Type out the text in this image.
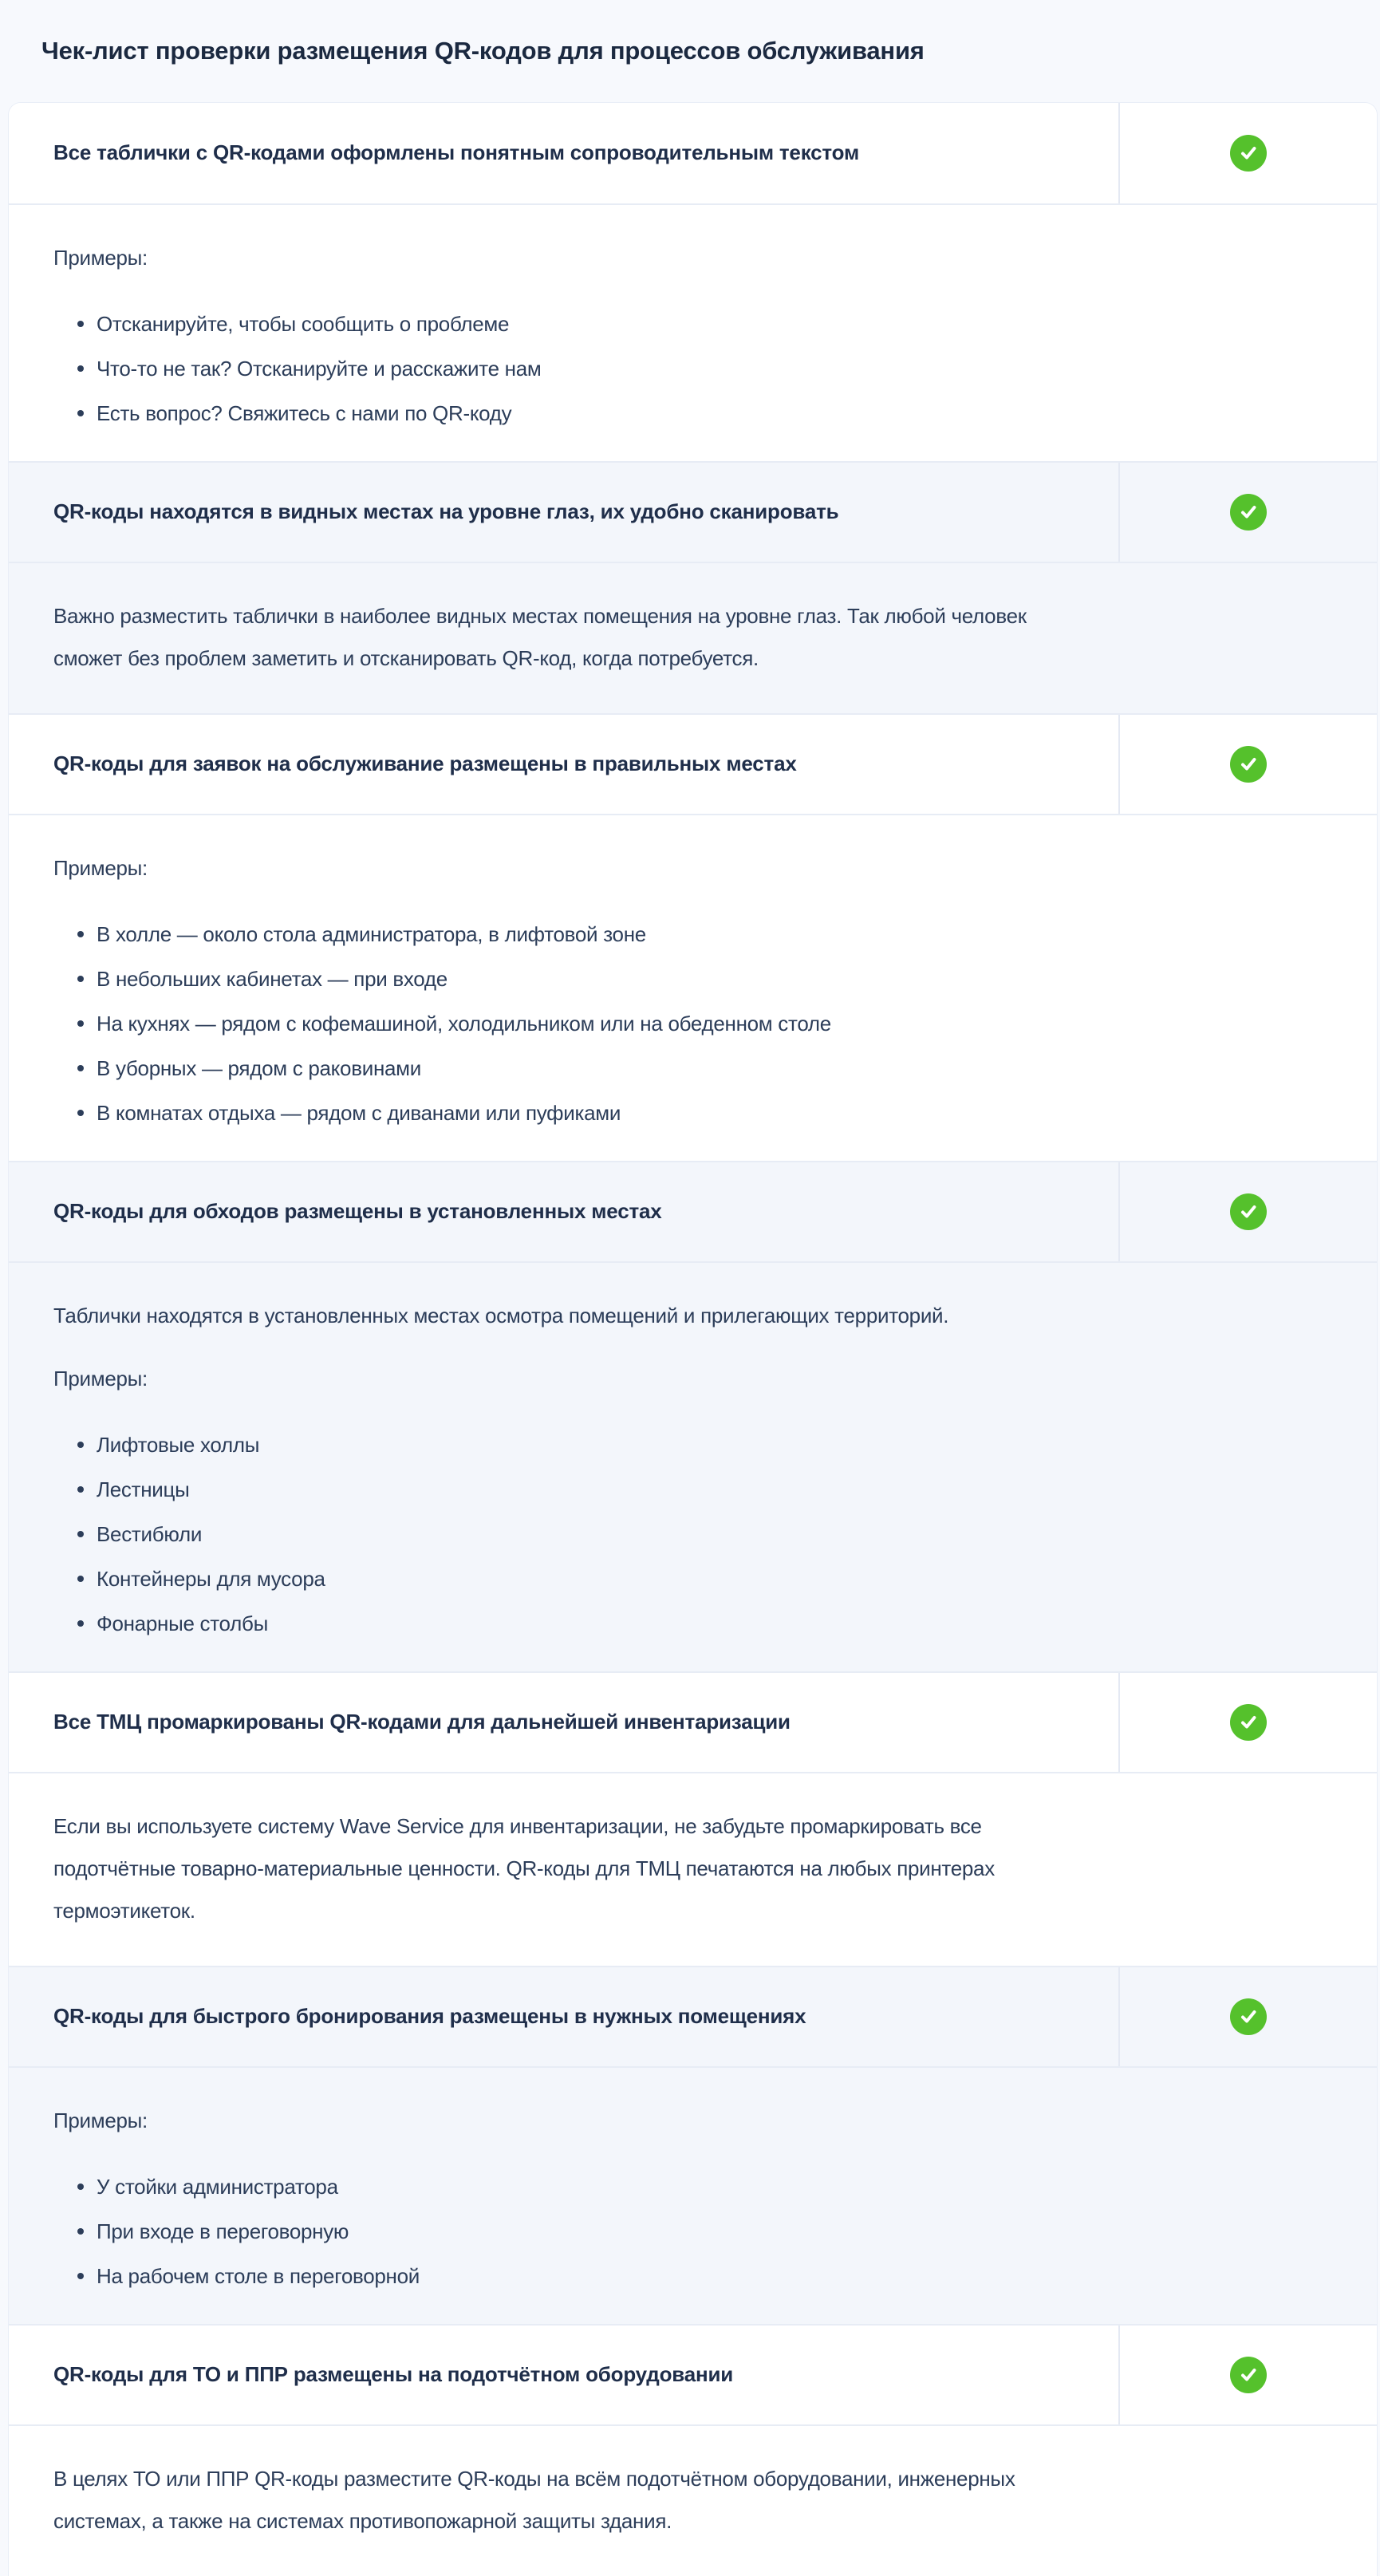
Чек-лист проверки размещения QR-кодов для процессов обслуживания
Все таблички с QR-кодами оформлены понятным сопроводительным текстом

Примеры:

Отсканируйте, чтобы сообщить о проблеме
Что-то не так? Отсканируйте и расскажите нам
Есть вопрос? Свяжитесь с нами по QR-коду
QR-коды находятся в видных местах на уровне глаз, их удобно сканировать

Важно разместить таблички в наиболее видных местах помещения на уровне глаз. Так любой человек сможет без проблем заметить и отсканировать QR-код, когда потребуется.

QR-коды для заявок на обслуживание размещены в правильных местах

Примеры:

В холле — около стола администратора, в лифтовой зоне
В небольших кабинетах — при входе
На кухнях — рядом с кофемашиной, холодильником или на обеденном столе
В уборных — рядом с раковинами
В комнатах отдыха — рядом с диванами или пуфиками
QR-коды для обходов размещены в установленных местах

Таблички находятся в установленных местах осмотра помещений и прилегающих территорий.

Примеры:

Лифтовые холлы
Лестницы
Вестибюли
Контейнеры для мусора
Фонарные столбы
Все ТМЦ промаркированы QR-кодами для дальнейшей инвентаризации

Если вы используете систему Wave Service для инвентаризации, не забудьте промаркировать все подотчётные товарно-материальные ценности. QR-коды для ТМЦ печатаются на любых принтерах термоэтикеток.

QR-коды для быстрого бронирования размещены в нужных помещениях

Примеры:

У стойки администратора
При входе в переговорную
На рабочем столе в переговорной
QR-коды для ТО и ППР размещены на подотчётном оборудовании

В целях ТО или ППР QR-коды разместите QR-коды на всём подотчётном оборудовании, инженерных системах, а также на системах противопожарной защиты здания.
